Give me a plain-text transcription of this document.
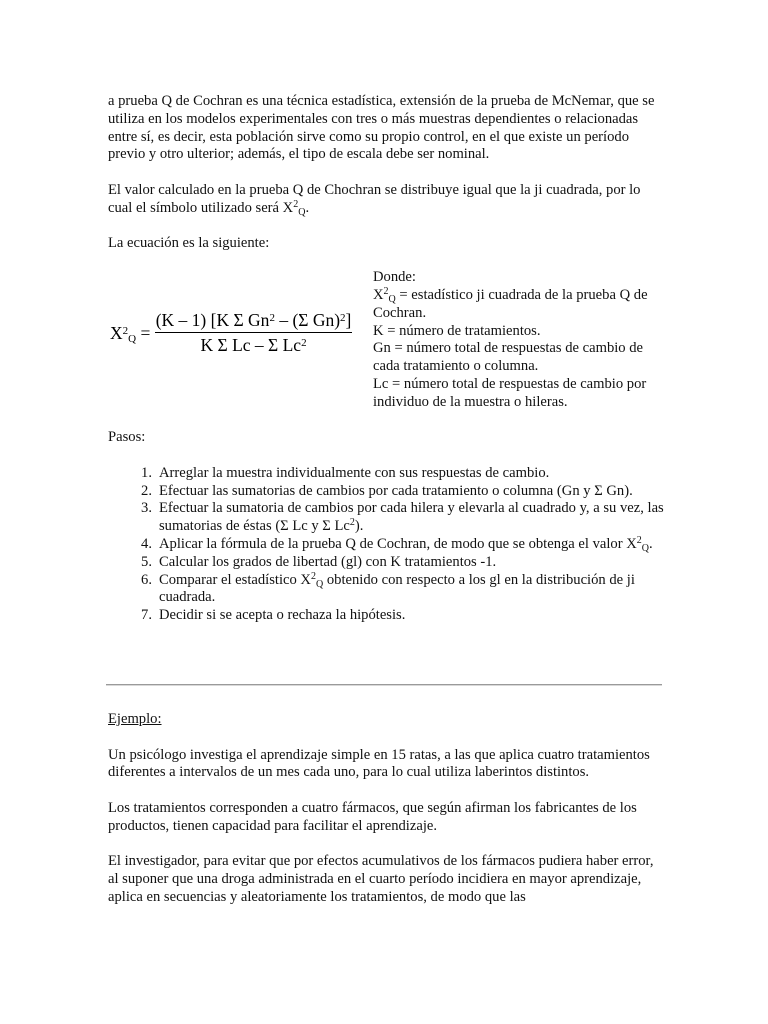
a prueba Q de Cochran es una técnica estadística, extensión de la prueba de McNemar, que se utiliza en los modelos experimentales con tres o más muestras dependientes o relacionadas entre sí, es decir, esta población sirve como su propio control, en el que existe un período previo y otro ulterior; además, el tipo de escala debe ser nominal.

El valor calculado en la prueba Q de Chochran se distribuye igual que la ji cuadrada, por lo cual el símbolo utilizado será $X^2_Q$.

La ecuación es la siguiente:

$X^2_Q = \frac{(K - 1) [K \Sigma Gn^2 - (\Sigma Gn)^2]}{K \Sigma Lc - \Sigma Lc^2}$

Donde:

$X^2_Q$ = estadístico ji cuadrada de la prueba Q de Cochran.

K = número de tratamientos.

Gn = número total de respuestas de cambio de cada tratamiento o columna.

Lc = número total de respuestas de cambio por individuo de la muestra o hileras.

Pasos:

1. Arreglar la muestra individualmente con sus respuestas de cambio.
2. Efectuar las sumatorias de cambios por cada tratamiento o columna (Gn y Σ Gn).
3. Efectuar la sumatoria de cambios por cada hilera y elevarla al cuadrado y, a su vez, las sumatorias de éstas (Σ Lc y Σ Lc$^2$).
4. Aplicar la fórmula de la prueba Q de Cochran, de modo que se obtenga el valor $X^2_Q$.
5. Calcular los grados de libertad (gl) con K tratamientos -1.
6. Comparar el estadístico $X^2_Q$ obtenido con respecto a los gl en la distribución de ji cuadrada.
7. Decidir si se acepta o rechaza la hipótesis.

Ejemplo:

Un psicólogo investiga el aprendizaje simple en 15 ratas, a las que aplica cuatro tratamientos diferentes a intervalos de un mes cada uno, para lo cual utiliza laberintos distintos.

Los tratamientos corresponden a cuatro fármacos, que según afirman los fabricantes de los productos, tienen capacidad para facilitar el aprendizaje.

El investigador, para evitar que por efectos acumulativos de los fármacos pudiera haber error, al suponer que una droga administrada en el cuarto período incidiera en mayor aprendizaje, aplica en secuencias y aleatoriamente los tratamientos, de modo que las
